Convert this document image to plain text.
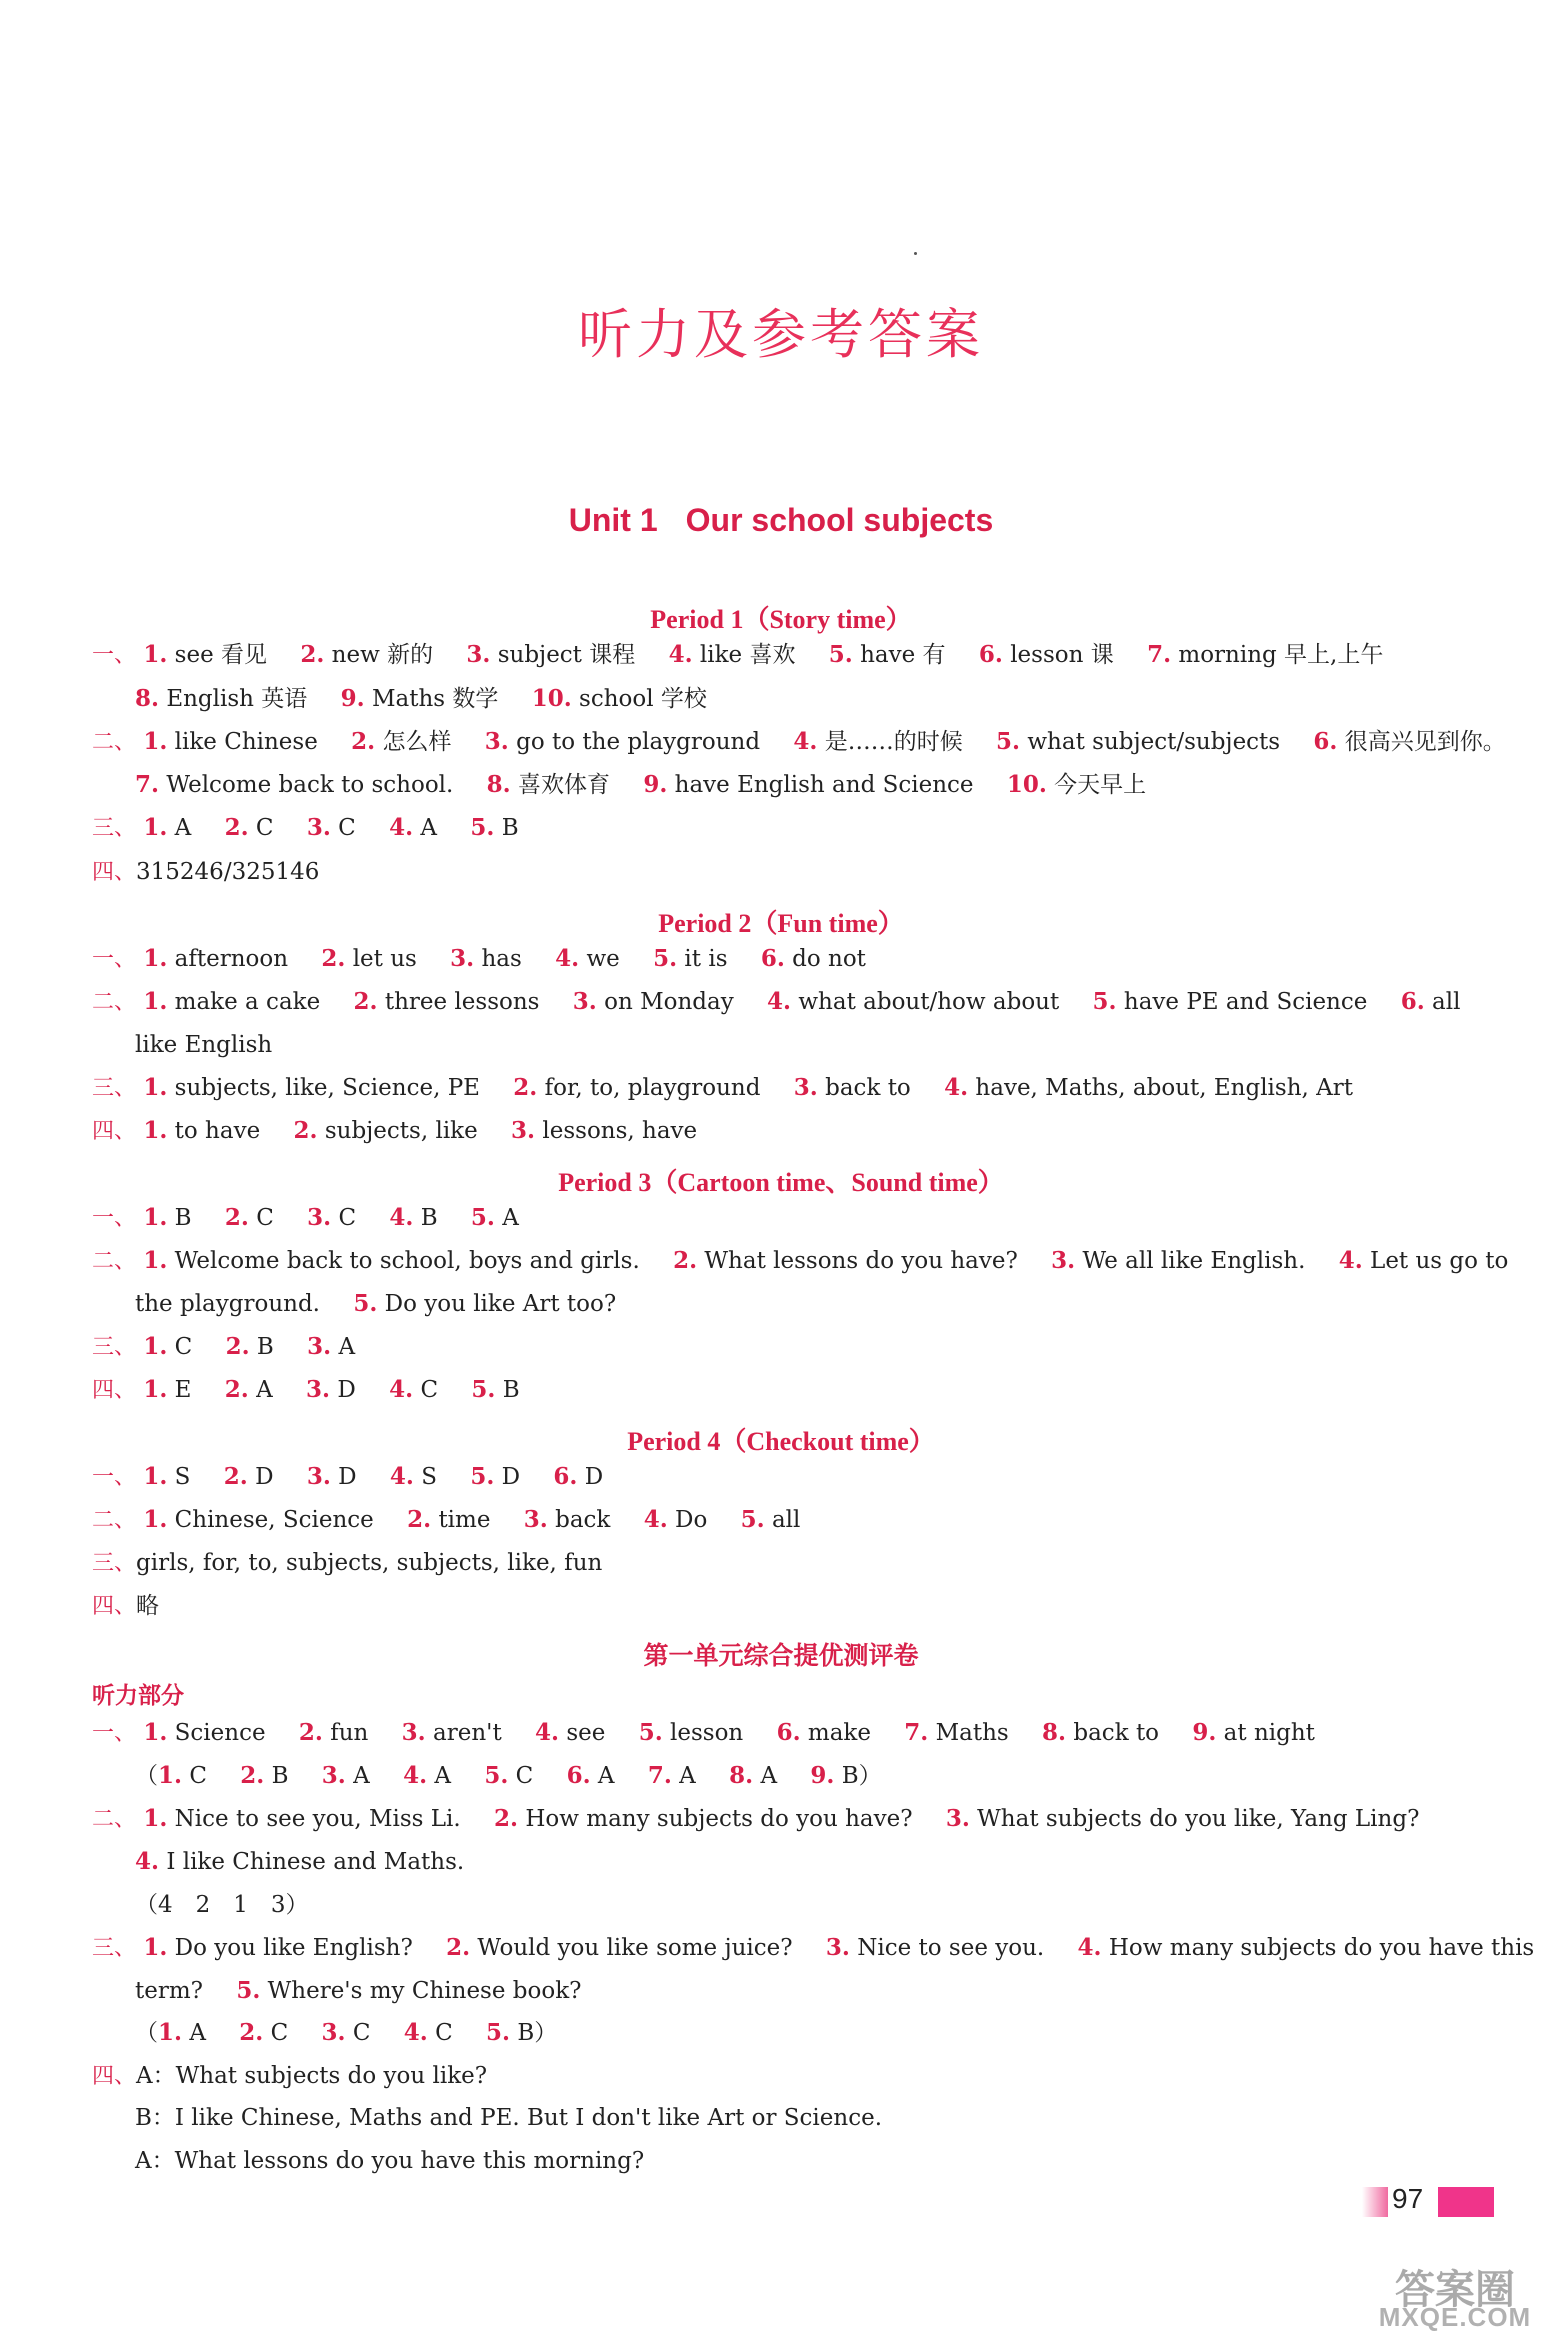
听力及参考答案
Unit 1 Our school subjects
Period 1（Story time）
一、 1. see 看见 2. new 新的 3. subject 课程 4. like 喜欢 5. have 有 6. lesson 课 7. morning 早上,上午
8. English 英语 9. Maths 数学 10. school 学校
二、 1. like Chinese 2. 怎么样 3. go to the playground 4. 是……的时候 5. what subject/subjects 6. 很高兴见到你。
7. Welcome back to school. 8. 喜欢体育 9. have English and Science 10. 今天早上
三、 1. A 2. C 3. C 4. A 5. B
四、315246/325146
Period 2（Fun time）
一、 1. afternoon 2. let us 3. has 4. we 5. it is 6. do not
二、 1. make a cake 2. three lessons 3. on Monday 4. what about/how about 5. have PE and Science 6. all
like English
三、 1. subjects, like, Science, PE 2. for, to, playground 3. back to 4. have, Maths, about, English, Art
四、 1. to have 2. subjects, like 3. lessons, have
Period 3（Cartoon time、Sound time）
一、 1. B 2. C 3. C 4. B 5. A
二、 1. Welcome back to school, boys and girls. 2. What lessons do you have? 3. We all like English. 4. Let us go to
the playground. 5. Do you like Art too?
三、 1. C 2. B 3. A
四、 1. E 2. A 3. D 4. C 5. B
Period 4（Checkout time）
一、 1. S 2. D 3. D 4. S 5. D 6. D
二、 1. Chinese, Science 2. time 3. back 4. Do 5. all
三、girls, for, to, subjects, subjects, like, fun
四、略
第一单元综合提优测评卷
听力部分
一、 1. Science 2. fun 3. aren't 4. see 5. lesson 6. make 7. Maths 8. back to 9. at night
（1. C 2. B 3. A 4. A 5. C 6. A 7. A 8. A 9. B）
二、 1. Nice to see you, Miss Li. 2. How many subjects do you have? 3. What subjects do you like, Yang Ling?
4. I like Chinese and Maths.
（4　2　1　3）
三、 1. Do you like English? 2. Would you like some juice? 3. Nice to see you. 4. How many subjects do you have this
term? 5. Where's my Chinese book?
（1. A 2. C 3. C 4. C 5. B）
四、A：What subjects do you like?
B：I like Chinese, Maths and PE. But I don't like Art or Science.
A：What lessons do you have this morning?
97
答案圈
MXQE.COM
